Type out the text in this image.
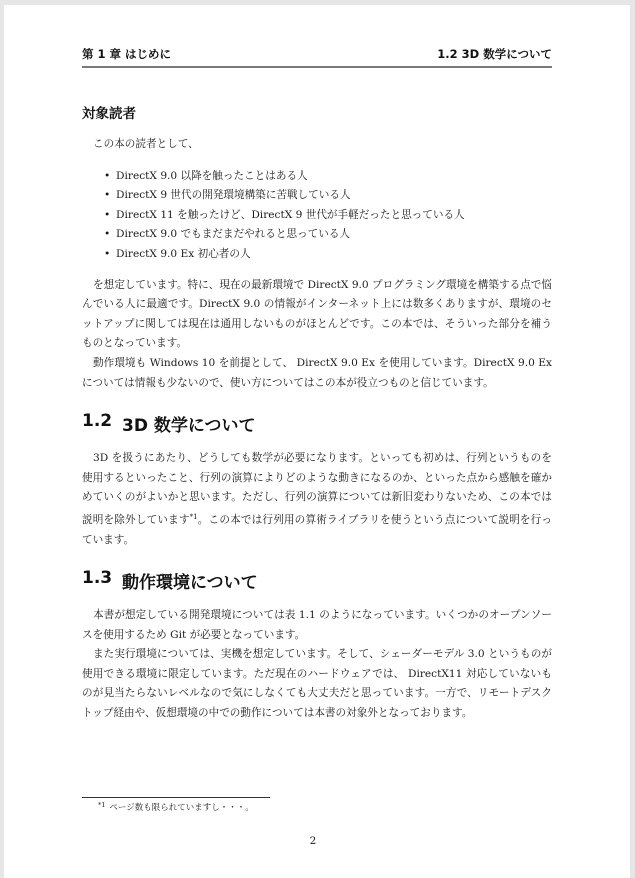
第 1 章 はじめに	1.2 3D 数学について
対象読者

この本の読者として、

• DirectX 9.0 以降を触ったことはある人
• DirectX 9 世代の開発環境構築に苦戦している人
• DirectX 11 を触ったけど、DirectX 9 世代が手軽だったと思っている人
• DirectX 9.0 でもまだまだやれると思っている人
• DirectX 9.0 Ex 初心者の人

を想定しています。特に、現在の最新環境で DirectX 9.0 プログラミング環境を構築する点で悩んでいる人に最適です。DirectX 9.0 の情報がインターネット上には数多くありますが、環境のセットアップに関しては現在は通用しないものがほとんどです。この本では、そういった部分を補うものとなっています。

動作環境も Windows 10 を前提として、 DirectX 9.0 Ex を使用しています。DirectX 9.0 Ex については情報も少ないので、使い方についてはこの本が役立つものと信じています。

1.2 3D 数学について

3D を扱うにあたり、どうしても数学が必要になります。といっても初めは、行列というものを使用するといったこと、行列の演算によりどのような動きになるのか、といった点から感触を確かめていくのがよいかと思います。ただし、行列の演算については新旧変わりないため、この本では説明を除外しています$^{*1}$。この本では行列用の算術ライブラリを使うという点について説明を行っています。

1.3 動作環境について

本書が想定している開発環境については表 1.1 のようになっています。いくつかのオープンソースを使用するため Git が必要となっています。

また実行環境については、実機を想定しています。そして、シェーダーモデル 3.0 というものが使用できる環境に限定しています。ただ現在のハードウェアでは、 DirectX11 対応していないものが見当たらないレベルなので気にしなくても大丈夫だと思っています。一方で、リモートデスクトップ経由や、仮想環境の中での動作については本書の対象外となっております。

$^{*1}$ ページ数も限られていますし・・・。
2
